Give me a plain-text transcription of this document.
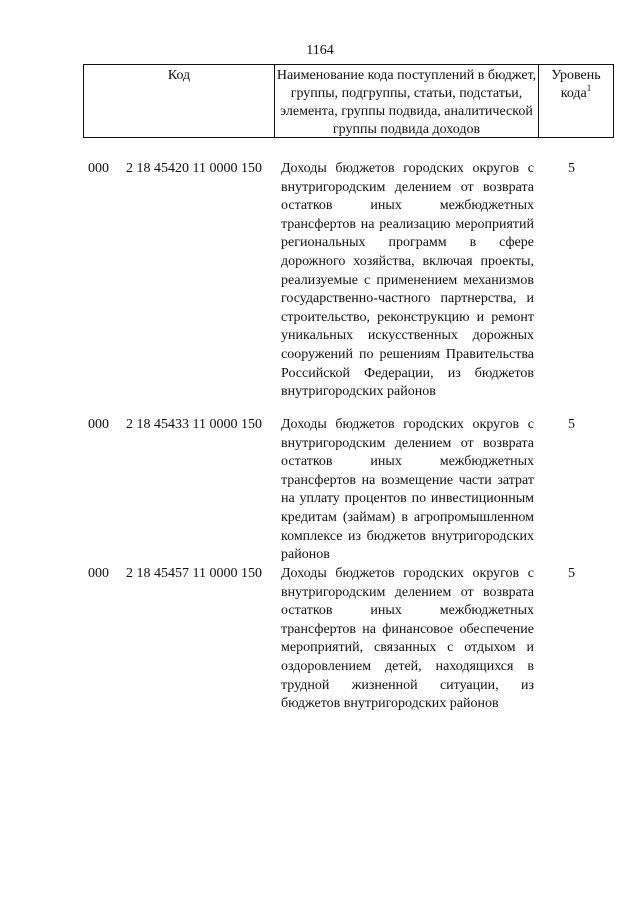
1164
Код	Наименование кода поступлений в бюджет, группы, подгруппы, статьи, подстатьи, элемента, группы подвида, аналитической группы подвида доходов
Уровень кода$^1$
000 2 18 45420 11 0000 150 Доходы бюджетов городских округов с внутригородским делением от возврата остатков иных межбюджетных трансфертов на реализацию мероприятий региональных программ в сфере дорожного хозяйства, включая проекты, реализуемые с применением механизмов государственно-частного партнерства, и строительство, реконструкцию и ремонт уникальных искусственных дорожных сооружений по решениям Правительства Российской Федерации, из бюджетов внутригородских районов
5
000 2 18 45433 11 0000 150 Доходы бюджетов городских округов с внутригородским делением от возврата остатков иных межбюджетных трансфертов на возмещение части затрат на уплату процентов по инвестиционным кредитам (займам) в агропромышленном комплексе из бюджетов внутригородских районов
5
000 2 18 45457 11 0000 150 Доходы бюджетов городских округов с внутригородским делением от возврата остатков иных межбюджетных трансфертов на финансовое обеспечение мероприятий, связанных с отдыхом и оздоровлением детей, находящихся в трудной жизненной ситуации, из бюджетов внутригородских районов
5
